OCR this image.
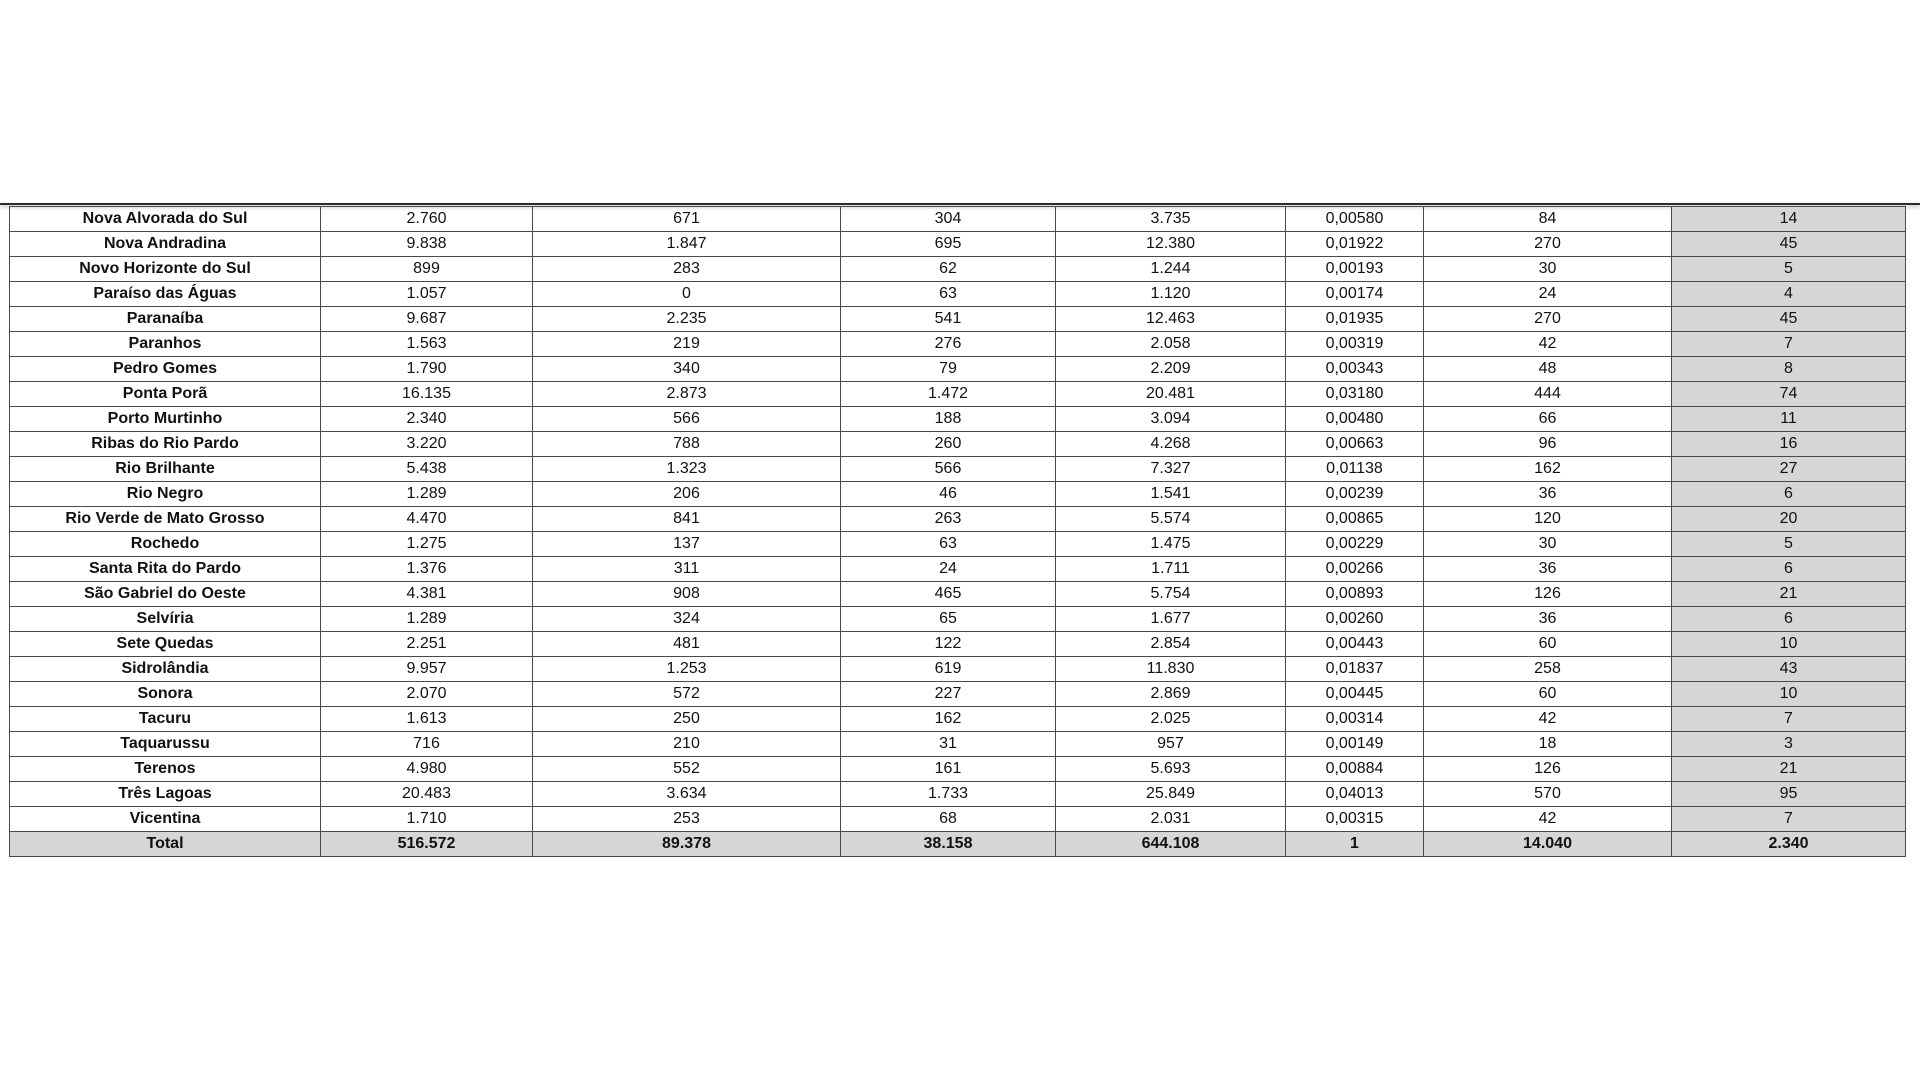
Nova Alvorada do Sul	2.760	671	304	3.735	0,00580	84	14
Nova Andradina	9.838	1.847	695	12.380	0,01922	270	45
Novo Horizonte do Sul	899	283	62	1.244	0,00193	30	5
Paraíso das Águas	1.057	0	63	1.120	0,00174	24	4
Paranaíba	9.687	2.235	541	12.463	0,01935	270	45
Paranhos	1.563	219	276	2.058	0,00319	42	7
Pedro Gomes	1.790	340	79	2.209	0,00343	48	8
Ponta Porã	16.135	2.873	1.472	20.481	0,03180	444	74
Porto Murtinho	2.340	566	188	3.094	0,00480	66	11
Ribas do Rio Pardo	3.220	788	260	4.268	0,00663	96	16
Rio Brilhante	5.438	1.323	566	7.327	0,01138	162	27
Rio Negro	1.289	206	46	1.541	0,00239	36	6
Rio Verde de Mato Grosso	4.470	841	263	5.574	0,00865	120	20
Rochedo	1.275	137	63	1.475	0,00229	30	5
Santa Rita do Pardo	1.376	311	24	1.711	0,00266	36	6
São Gabriel do Oeste	4.381	908	465	5.754	0,00893	126	21
Selvíria	1.289	324	65	1.677	0,00260	36	6
Sete Quedas	2.251	481	122	2.854	0,00443	60	10
Sidrolândia	9.957	1.253	619	11.830	0,01837	258	43
Sonora	2.070	572	227	2.869	0,00445	60	10
Tacuru	1.613	250	162	2.025	0,00314	42	7
Taquarussu	716	210	31	957	0,00149	18	3
Terenos	4.980	552	161	5.693	0,00884	126	21
Três Lagoas	20.483	3.634	1.733	25.849	0,04013	570	95
Vicentina	1.710	253	68	2.031	0,00315	42	7
Total	516.572	89.378	38.158	644.108	1	14.040	2.340
